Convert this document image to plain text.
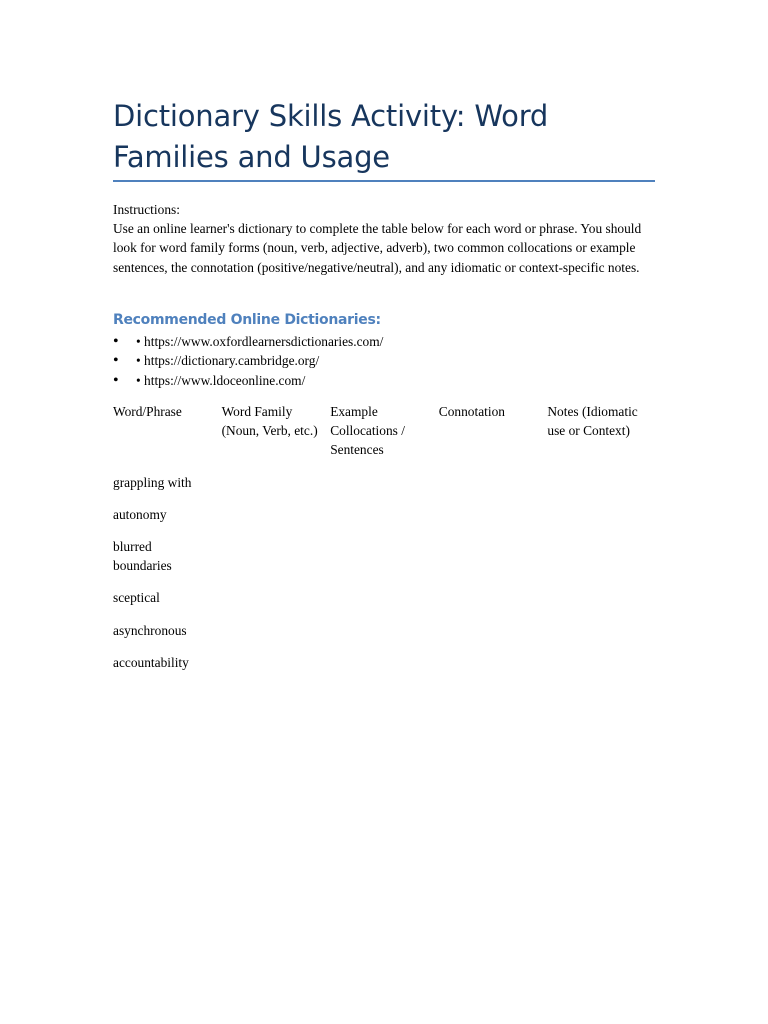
Dictionary Skills Activity: Word Families and Usage

Instructions:

Use an online learner's dictionary to complete the table below for each word or phrase. You should look for word family forms (noun, verb, adjective, adverb), two common collocations or example sentences, the connotation (positive/negative/neutral), and any idiomatic or context-specific notes.

Recommended Online Dictionaries:
• • https://www.oxfordlearnersdictionaries.com/
• • https://dictionary.cambridge.org/
• • https://www.ldoceonline.com/
Word/Phrase	Word Family (Noun, Verb, etc.)
Example Collocations / Sentences
Connotation	Notes (Idiomatic use or Context)
grappling with
autonomy
blurred boundaries
sceptical
asynchronous
accountability
